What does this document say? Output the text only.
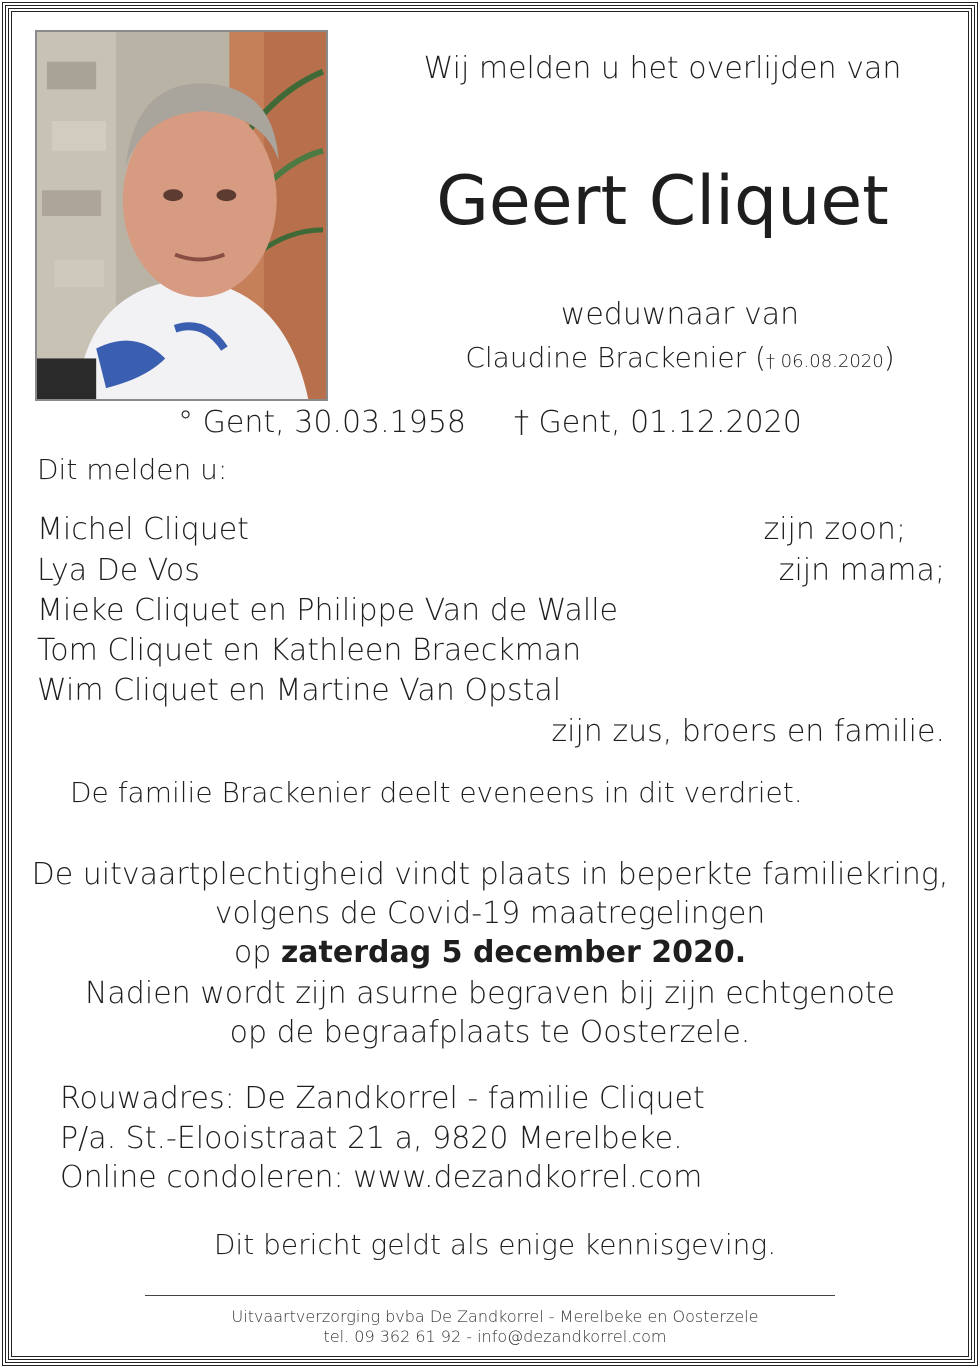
Wij melden u het overlijden van
Geert Cliquet
weduwnaar van
Claudine Brackenier († 06.08.2020)
° Gent, 30.03.1958 † Gent, 01.12.2020
Dit melden u:
Michel Cliquet	zijn zoon;
Lya De Vos	zijn mama;
Mieke Cliquet en Philippe Van de Walle
Tom Cliquet en Kathleen Braeckman
Wim Cliquet en Martine Van Opstal
zijn zus, broers en familie.
De familie Brackenier deelt eveneens in dit verdriet.
De uitvaartplechtigheid vindt plaats in beperkte familiekring,
volgens de Covid-19 maatregelingen
op zaterdag 5 december 2020.
Nadien wordt zijn asurne begraven bij zijn echtgenote
op de begraafplaats te Oosterzele.
Rouwadres: De Zandkorrel - familie Cliquet
P/a. St.-Elooistraat 21 a, 9820 Merelbeke.
Online condoleren: www.dezandkorrel.com
Dit bericht geldt als enige kennisgeving.
Uitvaartverzorging bvba De Zandkorrel - Merelbeke en Oosterzele
tel. 09 362 61 92 - info@dezandkorrel.com
